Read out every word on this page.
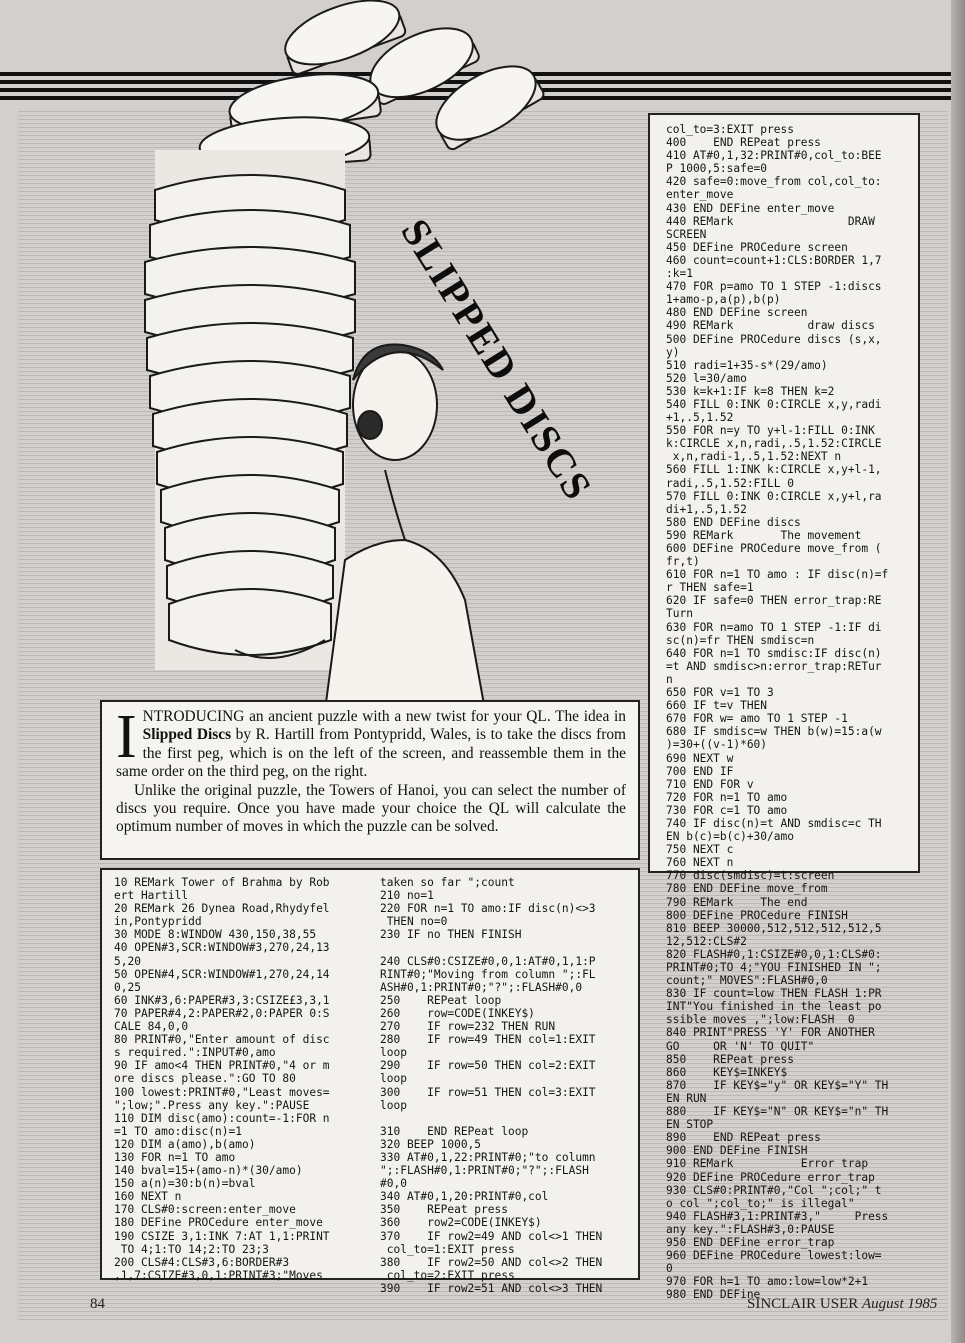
SLIPPED DISCS
col_to=3:EXIT press
400    END REPeat press
410 AT#0,1,32:PRINT#0,col_to:BEE
P 1000,5:safe=0
420 safe=0:move_from col,col_to:
enter_move
430 END DEFine enter_move
440 REMark                 DRAW
SCREEN
450 DEFine PROCedure screen
460 count=count+1:CLS:BORDER 1,7
:k=1
470 FOR p=amo TO 1 STEP -1:discs
1+amo-p,a(p),b(p)
480 END DEFine screen
490 REMark           draw discs
500 DEFine PROCedure discs (s,x,
y)
510 radi=1+35-s*(29/amo)
520 l=30/amo
530 k=k+1:IF k=8 THEN k=2
540 FILL 0:INK 0:CIRCLE x,y,radi
+1,.5,1.52
550 FOR n=y TO y+l-1:FILL 0:INK
k:CIRCLE x,n,radi,.5,1.52:CIRCLE
x,n,radi-1,.5,1.52:NEXT n
560 FILL 1:INK k:CIRCLE x,y+l-1,
radi,.5,1.52:FILL 0
570 FILL 0:INK 0:CIRCLE x,y+l,ra
di+1,.5,1.52
580 END DEFine discs
590 REMark       The movement
600 DEFine PROCedure move_from (
fr,t)
610 FOR n=1 TO amo : IF disc(n)=f
r THEN safe=1
620 IF safe=0 THEN error_trap:RE
Turn
630 FOR n=amo TO 1 STEP -1:IF di
sc(n)=fr THEN smdisc=n
640 FOR n=1 TO smdisc:IF disc(n)
=t AND smdisc>n:error_trap:RETur
n
650 FOR v=1 TO 3
660 IF t=v THEN
670 FOR w= amo TO 1 STEP -1
680 IF smdisc=w THEN b(w)=15:a(w
)=30+((v-1)*60)
690 NEXT w
700 END IF
710 END FOR v
720 FOR n=1 TO amo
730 FOR c=1 TO amo
740 IF disc(n)=t AND smdisc=c TH
EN b(c)=b(c)+30/amo
750 NEXT c
760 NEXT n
770 disc(smdisc)=t:screen
780 END DEFine move_from
790 REMark    The end
800 DEFine PROCedure FINISH
810 BEEP 30000,512,512,512,512,5
12,512:CLS#2
820 FLASH#0,1:CSIZE#0,0,1:CLS#0:
PRINT#0;TO 4;"YOU FINISHED IN ";
count;" MOVES":FLASH#0,0
830 IF count=low THEN FLASH 1:PR
INT"You finished in the least po
ssible moves ,";low:FLASH  0
840 PRINT"PRESS 'Y' FOR ANOTHER
GO     OR 'N' TO QUIT"
850    REPeat press
860    KEY$=INKEY$
870    IF KEY$="y" OR KEY$="Y" TH
EN RUN
880    IF KEY$="N" OR KEY$="n" TH
EN STOP
890    END REPeat press
900 END DEFine FINISH
910 REMark          Error trap
920 DEFine PROCedure error_trap
930 CLS#0:PRINT#0,"Col ";col;" t
o col ";col_to;" is illegal"
940 FLASH#3,1:PRINT#3,"     Press
any key.":FLASH#3,0:PAUSE
950 END DEFine error_trap
960 DEFine PROCedure lowest:low=
0
970 FOR h=1 TO amo:low=low*2+1
980 END DEFine

INTRODUCING an ancient puzzle with a new twist for your QL. The idea in Slipped Discs by R. Hartill from Pontypridd, Wales, is to take the discs from the first peg, which is on the left of the screen, and reassemble them in the same order on the third peg, on the right.

Unlike the original puzzle, the Towers of Hanoi, you can select the number of discs you require. Once you have made your choice the QL will calculate the optimum number of moves in which the puzzle can be solved.

10 REMark Tower of Brahma by Rob
ert Hartill
20 REMark 26 Dynea Road,Rhydyfel
in,Pontypridd
30 MODE 8:WINDOW 430,150,38,55
40 OPEN#3,SCR:WINDOW#3,270,24,13
5,20
50 OPEN#4,SCR:WINDOW#1,270,24,14
0,25
60 INK#3,6:PAPER#3,3:CSIZE£3,3,1
70 PAPER#4,2:PAPER#2,0:PAPER 0:S
CALE 84,0,0
80 PRINT#0,"Enter amount of disc
s required.":INPUT#0,amo
90 IF amo<4 THEN PRINT#0,"4 or m
ore discs please.":GO TO 80
100 lowest:PRINT#0,"Least moves=
";low;".Press any key.":PAUSE
110 DIM disc(amo):count=-1:FOR n
=1 TO amo:disc(n)=1
120 DIM a(amo),b(amo)
130 FOR n=1 TO amo
140 bval=15+(amo-n)*(30/amo)
150 a(n)=30:b(n)=bval
160 NEXT n
170 CLS#0:screen:enter_move
180 DEFine PROCedure enter_move
190 CSIZE 3,1:INK 7:AT 1,1:PRINT
TO 4;1:TO 14;2:TO 23;3
200 CLS#4:CLS#3,6:BORDER#3
,1,7:CSIZE#3,0,1:PRINT#3;"Moves
taken so far ";count
210 no=1
220 FOR n=1 TO amo:IF disc(n)<>3
THEN no=0
230 IF no THEN FINISH

240 CLS#0:CSIZE#0,0,1:AT#0,1,1:P
RINT#0;"Moving from column ";:FL
ASH#0,1:PRINT#0;"?";:FLASH#0,0
250    REPeat loop
260    row=CODE(INKEY$)
270    IF row=232 THEN RUN
280    IF row=49 THEN col=1:EXIT
loop
290    IF row=50 THEN col=2:EXIT
loop
300    IF row=51 THEN col=3:EXIT
loop

310    END REPeat loop
320 BEEP 1000,5
330 AT#0,1,22:PRINT#0;"to column
";:FLASH#0,1:PRINT#0;"?";:FLASH
#0,0
340 AT#0,1,20:PRINT#0,col
350    REPeat press
360    row2=CODE(INKEY$)
370    IF row2=49 AND col<>1 THEN
col_to=1:EXIT press
380    IF row2=50 AND col<>2 THEN
col_to=2:EXIT press
390    IF row2=51 AND col<>3 THEN
84	SINCLAIR USER August 1985
